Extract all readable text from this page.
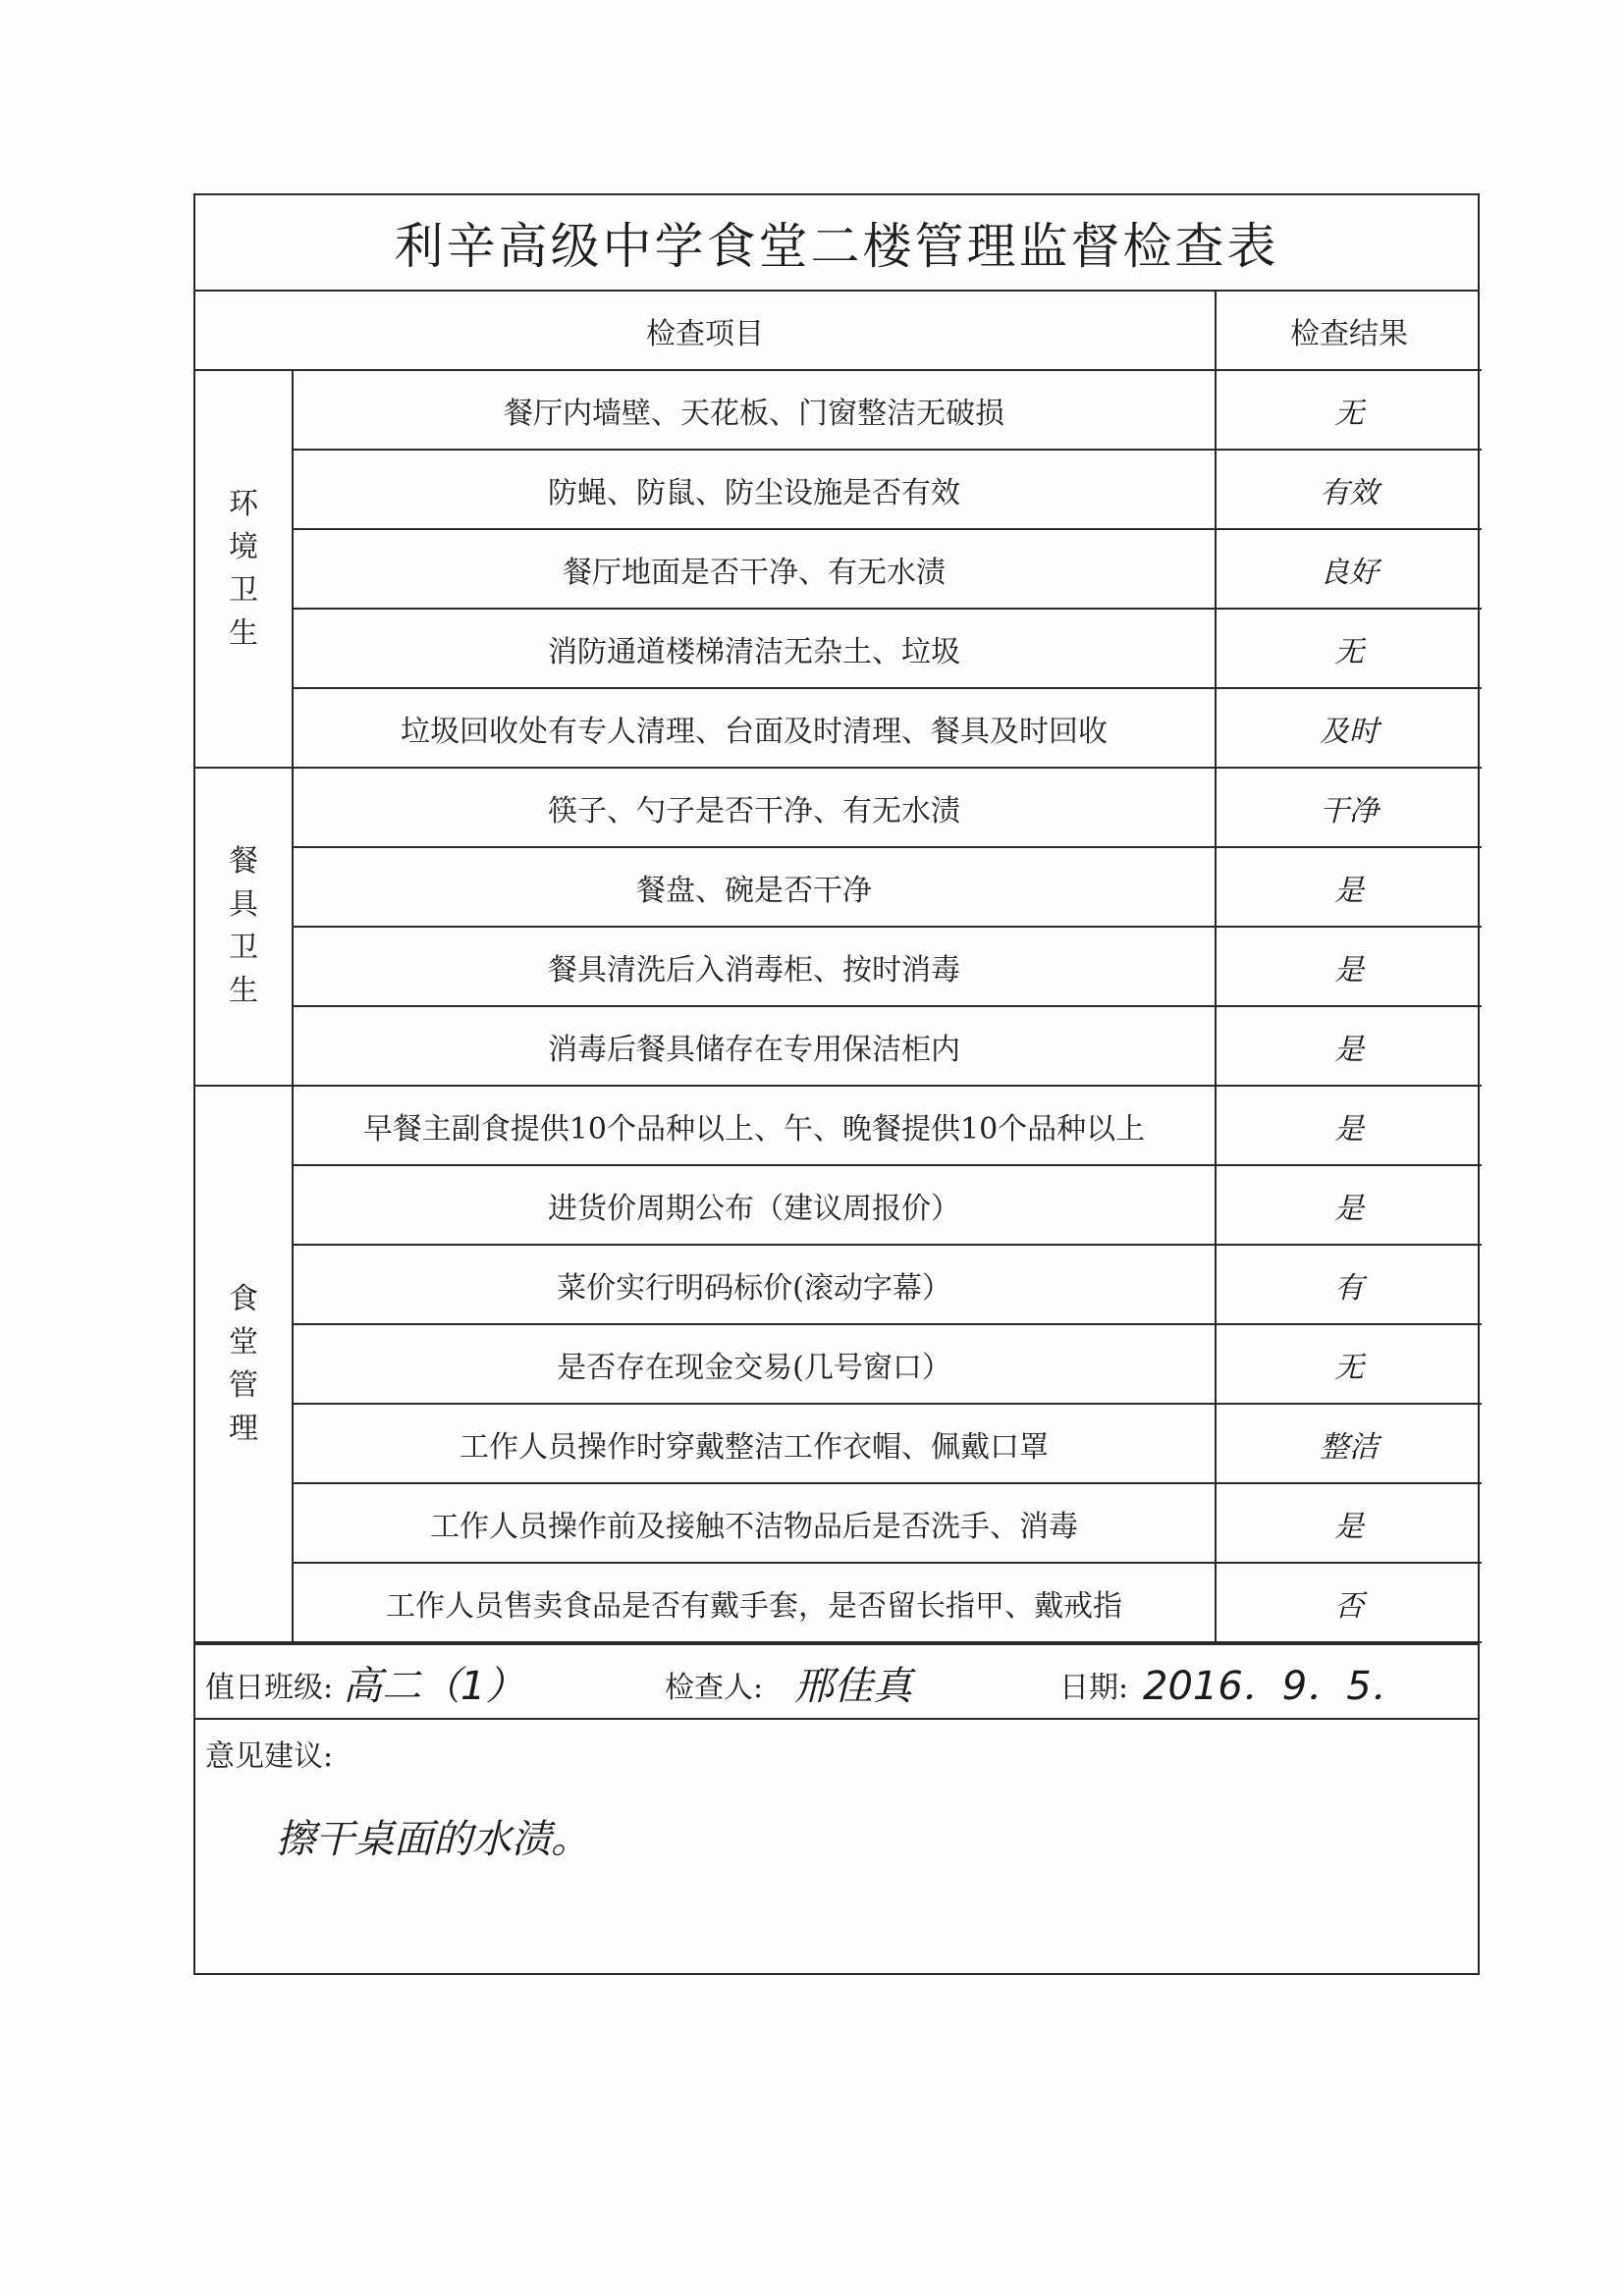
利辛高级中学食堂二楼管理监督检查表
检查项目		检查结果
环境卫生	餐厅内墙壁、天花板、门窗整洁无破损	无
	防蝇、防鼠、防尘设施是否有效	有效
	餐厅地面是否干净、有无水渍	良好
	消防通道楼梯清洁无杂土、垃圾	无
	垃圾回收处有专人清理、台面及时清理、餐具及时回收	及时
餐具卫生	筷子、勺子是否干净、有无水渍	干净
	餐盘、碗是否干净	是
	餐具清洗后入消毒柜、按时消毒	是
	消毒后餐具储存在专用保洁柜内	是
食堂管理	早餐主副食提供10个品种以上、午、晚餐提供10个品种以上	是
	进货价周期公布（建议周报价）	是
	菜价实行明码标价(滚动字幕）	有
	是否存在现金交易(几号窗口）	无
	工作人员操作时穿戴整洁工作衣帽、佩戴口罩	整洁
	工作人员操作前及接触不洁物品后是否洗手、消毒	是
	工作人员售卖食品是否有戴手套，是否留长指甲、戴戒指	否
值日班级: 高二（1）	检查人: 邢佳真	日期: 2016．9．5．
意见建议:
擦干桌面的水渍。
